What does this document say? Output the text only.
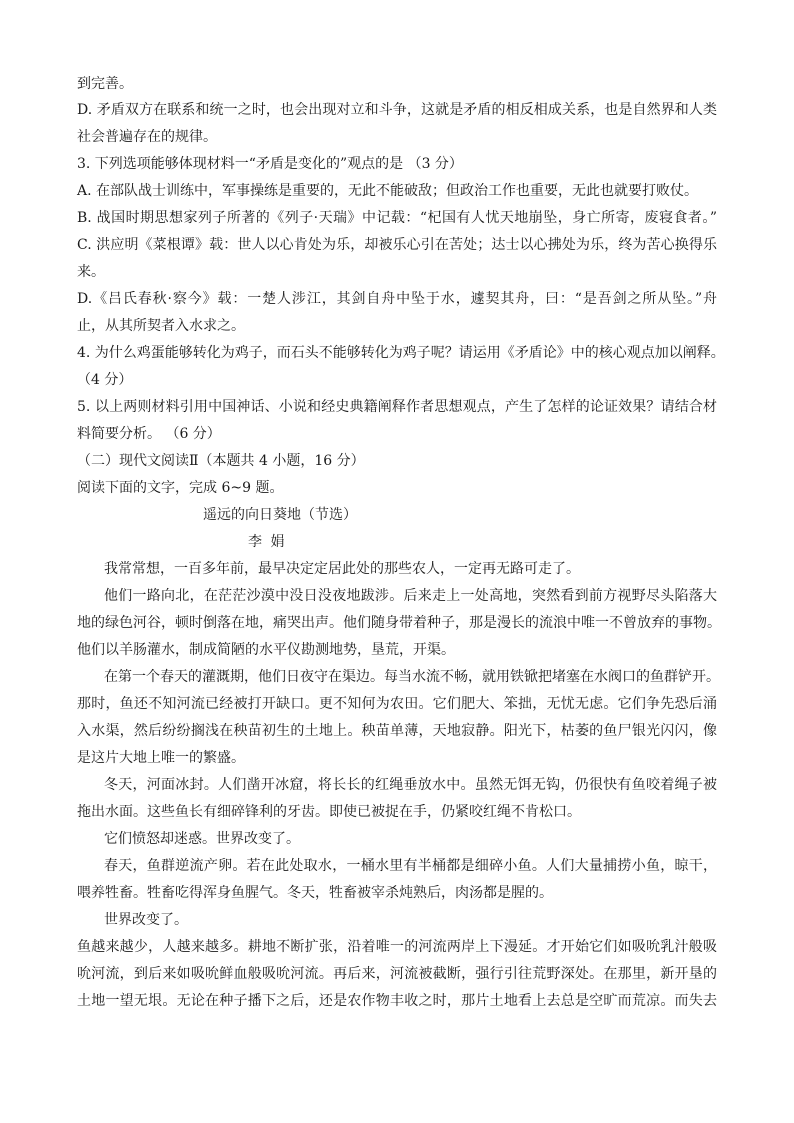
到完善。
D. 矛盾双方在联系和统一之时，也会出现对立和斗争，这就是矛盾的相反相成关系，也是自然界和人类
社会普遍存在的规律。
3. 下列选项能够体现材料一“矛盾是变化的”观点的是 （3 分）
A. 在部队战士训练中，军事操练是重要的，无此不能破敌；但政治工作也重要，无此也就要打败仗。
B. 战国时期思想家列子所著的《列子·天瑞》中记载：“杞国有人忧天地崩坠，身亡所寄，废寝食者。”
C. 洪应明《菜根谭》载：世人以心肯处为乐，却被乐心引在苦处；达士以心拂处为乐，终为苦心换得乐
来。
D.《吕氏春秋·察今》载：一楚人涉江，其剑自舟中坠于水，遽契其舟，曰：“是吾剑之所从坠。”舟
止，从其所契者入水求之。
4. 为什么鸡蛋能够转化为鸡子，而石头不能够转化为鸡子呢？请运用《矛盾论》中的核心观点加以阐释。
（4 分）
5. 以上两则材料引用中国神话、小说和经史典籍阐释作者思想观点，产生了怎样的论证效果？请结合材
料简要分析。 （6 分）
（二）现代文阅读Ⅱ（本题共 4 小题，16 分）
阅读下面的文字，完成 6~9 题。
遥远的向日葵地（节选）
李 娟
我常常想，一百多年前，最早决定定居此处的那些农人，一定再无路可走了。
他们一路向北，在茫茫沙漠中没日没夜地跋涉。后来走上一处高地，突然看到前方视野尽头陷落大
地的绿色河谷，顿时倒落在地，痛哭出声。他们随身带着种子，那是漫长的流浪中唯一不曾放弃的事物。
他们以羊肠灌水，制成简陋的水平仪勘测地势，垦荒，开渠。
在第一个春天的灌溉期，他们日夜守在渠边。每当水流不畅，就用铁锨把堵塞在水阀口的鱼群铲开。
那时，鱼还不知河流已经被打开缺口。更不知何为农田。它们肥大、笨拙，无忧无虑。它们争先恐后涌
入水渠，然后纷纷搁浅在秧苗初生的土地上。秧苗单薄，天地寂静。阳光下，枯萎的鱼尸银光闪闪，像
是这片大地上唯一的繁盛。
冬天，河面冰封。人们凿开冰窟，将长长的红绳垂放水中。虽然无饵无钩，仍很快有鱼咬着绳子被
拖出水面。这些鱼长有细碎锋利的牙齿。即使已被捉在手，仍紧咬红绳不肯松口。
它们愤怒却迷惑。世界改变了。
春天，鱼群逆流产卵。若在此处取水，一桶水里有半桶都是细碎小鱼。人们大量捕捞小鱼，晾干，
喂养牲畜。牲畜吃得浑身鱼腥气。冬天，牲畜被宰杀炖熟后，肉汤都是腥的。
世界改变了。
鱼越来越少，人越来越多。耕地不断扩张，沿着唯一的河流两岸上下漫延。才开始它们如吸吮乳汁般吸
吮河流，到后来如吸吮鲜血般吸吮河流。再后来，河流被截断，强行引往荒野深处。在那里，新开垦的
土地一望无垠。无论在种子播下之后，还是农作物丰收之时，那片土地看上去总是空旷而荒凉。而失去
